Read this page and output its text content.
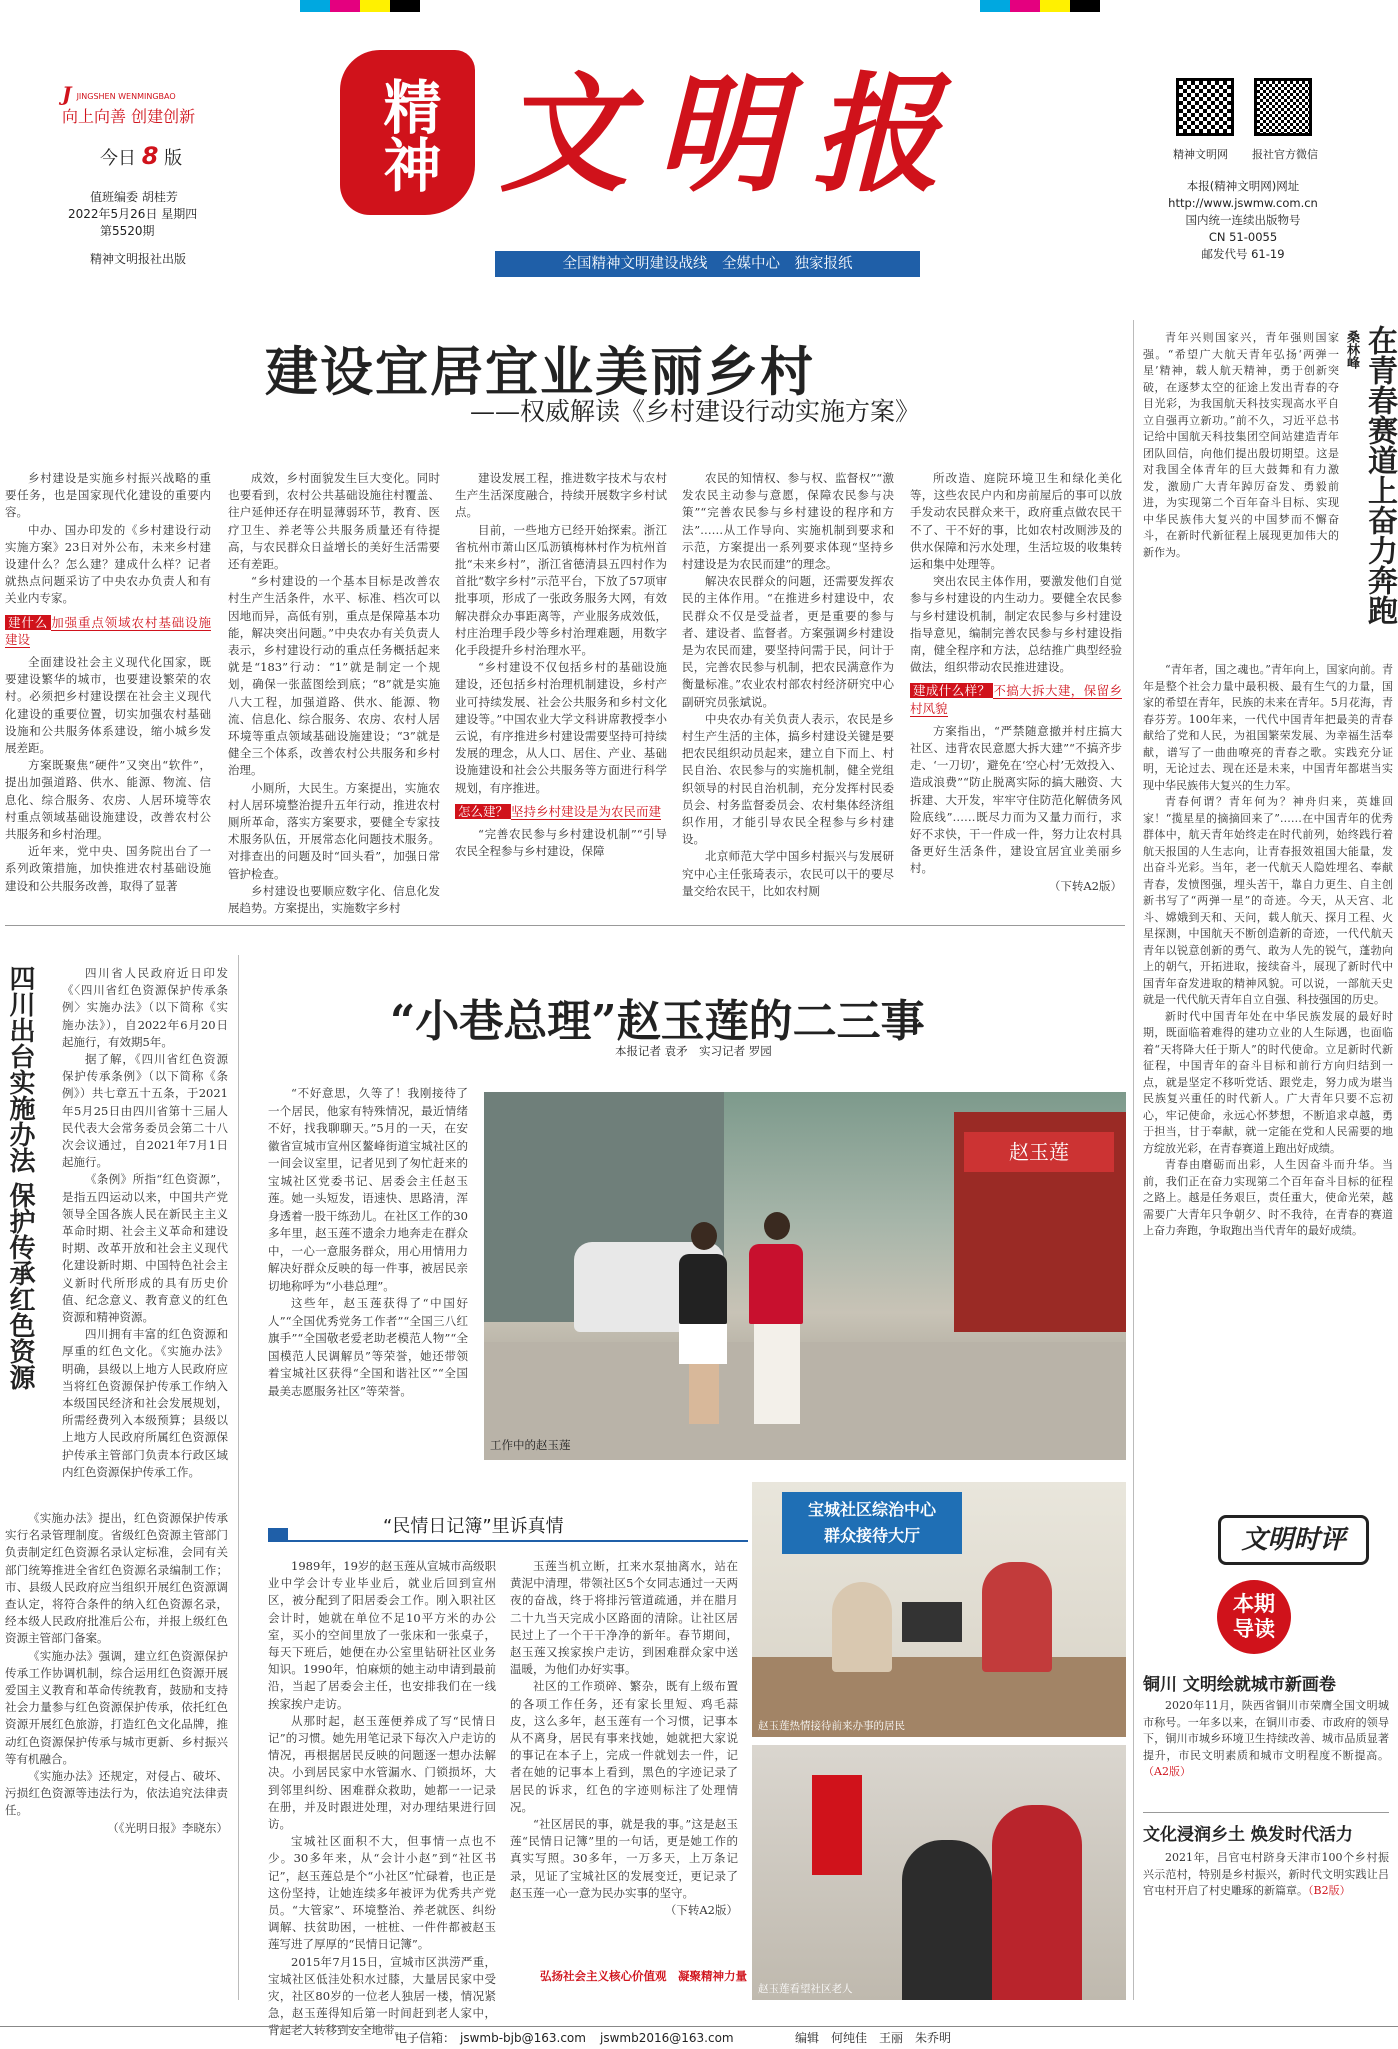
J JINGSHEN WENMINGBAO
向上向善 创建创新
今日 8 版
值班编委 胡桂芳
2022年5月26日 星期四
第5520期
精神文明报社出版
精神 文明报
全国精神文明建设战线　全媒中心　独家报纸
精神文明网 报社官方微信
本报(精神文明网)网址
http://www.jswmw.com.cn
国内统一连续出版物号
CN 51-0055
邮发代号 61-19
建设宜居宜业美丽乡村
——权威解读《乡村建设行动实施方案》

乡村建设是实施乡村振兴战略的重要任务，也是国家现代化建设的重要内容。

中办、国办印发的《乡村建设行动实施方案》23日对外公布，未来乡村建设建什么？怎么建？建成什么样？记者就热点问题采访了中央农办负责人和有关业内专家。

建什么 加强重点领域农村基础设施建设

全面建设社会主义现代化国家，既要建设繁华的城市，也要建设繁荣的农村。必须把乡村建设摆在社会主义现代化建设的重要位置，切实加强农村基础设施和公共服务体系建设，缩小城乡发展差距。

方案既聚焦“硬件”又突出“软件”，提出加强道路、供水、能源、物流、信息化、综合服务、农房、人居环境等农村重点领域基础设施建设，改善农村公共服务和乡村治理。

近年来，党中央、国务院出台了一系列政策措施，加快推进农村基础设施建设和公共服务改善，取得了显著

成效，乡村面貌发生巨大变化。同时也要看到，农村公共基础设施往村覆盖、往户延伸还存在明显薄弱环节，教育、医疗卫生、养老等公共服务质量还有待提高，与农民群众日益增长的美好生活需要还有差距。

“乡村建设的一个基本目标是改善农村生产生活条件，水平、标准、档次可以因地而异，高低有别，重点是保障基本功能，解决突出问题。”中央农办有关负责人表示，乡村建设行动的重点任务概括起来就是“183”行动：“1”就是制定一个规划，确保一张蓝图绘到底；“8”就是实施八大工程，加强道路、供水、能源、物流、信息化、综合服务、农房、农村人居环境等重点领域基础设施建设；“3”就是健全三个体系，改善农村公共服务和乡村治理。

小厕所，大民生。方案提出，实施农村人居环境整治提升五年行动，推进农村厕所革命，落实方案要求，要健全专家技术服务队伍，开展常态化问题技术服务。对排查出的问题及时“回头看”，加强日常管护检查。

乡村建设也要顺应数字化、信息化发展趋势。方案提出，实施数字乡村

建设发展工程，推进数字技术与农村生产生活深度融合，持续开展数字乡村试点。

目前，一些地方已经开始探索。浙江省杭州市萧山区瓜沥镇梅林村作为杭州首批“未来乡村”，浙江省德清县五四村作为首批“数字乡村”示范平台，下放了57项审批事项，形成了一张政务服务大网，有效解决群众办事距离等，产业服务成效低，村庄治理手段少等乡村治理难题，用数字化手段提升乡村治理水平。

“乡村建设不仅包括乡村的基础设施建设，还包括乡村治理机制建设，乡村产业可持续发展、社会公共服务和乡村文化建设等。”中国农业大学文科讲席教授李小云说，有序推进乡村建设需要坚持可持续发展的理念，从人口、居住、产业、基础设施建设和社会公共服务等方面进行科学规划，有序推进。

怎么建？ 坚持乡村建设是为农民而建

“完善农民参与乡村建设机制”“引导农民全程参与乡村建设，保障

农民的知情权、参与权、监督权”“激发农民主动参与意愿，保障农民参与决策”“完善农民参与乡村建设的程序和方法”……从工作导向、实施机制到要求和示范，方案提出一系列要求体现“坚持乡村建设是为农民而建”的理念。

解决农民群众的问题，还需要发挥农民的主体作用。“在推进乡村建设中，农民群众不仅是受益者，更是重要的参与者、建设者、监督者。方案强调乡村建设是为农民而建，要坚持问需于民，问计于民，完善农民参与机制，把农民满意作为衡量标准。”农业农村部农村经济研究中心副研究员张斌说。

中央农办有关负责人表示，农民是乡村生产生活的主体，搞乡村建设关键是要把农民组织动员起来，建立自下而上、村民自治、农民参与的实施机制，健全党组织领导的村民自治机制，充分发挥村民委员会、村务监督委员会、农村集体经济组织作用，才能引导农民全程参与乡村建设。

北京师范大学中国乡村振兴与发展研究中心主任张琦表示，农民可以干的要尽量交给农民干，比如农村厕

所改造、庭院环境卫生和绿化美化等，这些农民户内和房前屋后的事可以放手发动农民群众来干，政府重点做农民干不了、干不好的事，比如农村改厕涉及的供水保障和污水处理，生活垃圾的收集转运和集中处理等。

突出农民主体作用，要激发他们自觉参与乡村建设的内生动力。要健全农民参与乡村建设机制，制定农民参与乡村建设指导意见，编制完善农民参与乡村建设指南，健全程序和方法，总结推广典型经验做法，组织带动农民推进建设。

建成什么样？ 不搞大拆大建，保留乡村风貌

方案指出，“严禁随意撤并村庄搞大社区、违背农民意愿大拆大建”“不搞齐步走、‘一刀切’，避免在‘空心村’无效投入、造成浪费”“防止脱离实际的搞大融资、大拆建、大开发，牢牢守住防范化解债务风险底线”……既尽力而为又量力而行，求好不求快，干一件成一件，努力让农村具备更好生活条件，建设宜居宜业美丽乡村。

（下转A2版）
在青春赛道上奋力奔跑
桑林峰

青年兴则国家兴，青年强则国家强。“希望广大航天青年弘扬‘两弹一星’精神，载人航天精神，勇于创新突破，在逐梦太空的征途上发出青春的夺目光彩，为我国航天科技实现高水平自立自强再立新功。”前不久，习近平总书记给中国航天科技集团空间站建造青年团队回信，向他们提出殷切期望。这是对我国全体青年的巨大鼓舞和有力激发，激励广大青年踔厉奋发、勇毅前进，为实现第二个百年奋斗目标、实现中华民族伟大复兴的中国梦而不懈奋斗，在新时代新征程上展现更加伟大的新作为。

“青年者，国之魂也。”青年向上，国家向前。青年是整个社会力量中最积极、最有生气的力量，国家的希望在青年，民族的未来在青年。5月花海，青春芬芳。100年来，一代代中国青年把最美的青春献给了党和人民，为祖国繁荣发展、为幸福生活奉献，谱写了一曲曲嘹亮的青春之歌。实践充分证明，无论过去、现在还是未来，中国青年都堪当实现中华民族伟大复兴的生力军。

青春何谓？青年何为？神舟归来，英雄回家！“揽星星的摘摘回来了”……在中国青年的优秀群体中，航天青年始终走在时代前列，始终践行着航天报国的人生志向，让青春报效祖国大能量，发出奋斗光彩。当年，老一代航天人隐姓埋名、奉献青春，发愤图强，埋头苦干，靠自力更生、自主创新书写了“两弹一星”的奇迹。今天，从天宫、北斗、嫦娥到天和、天问，载人航天、探月工程、火星探测，中国航天不断创造新的奇迹，一代代航天青年以锐意创新的勇气、敢为人先的锐气，蓬勃向上的朝气，开拓进取，接续奋斗，展现了新时代中国青年奋发进取的精神风貌。可以说，一部航天史就是一代代航天青年自立自强、科技强国的历史。

新时代中国青年处在中华民族发展的最好时期，既面临着难得的建功立业的人生际遇，也面临着“天将降大任于斯人”的时代使命。立足新时代新征程，中国青年的奋斗目标和前行方向归结到一点，就是坚定不移听党话、跟党走，努力成为堪当民族复兴重任的时代新人。广大青年只要不忘初心，牢记使命，永远心怀梦想，不断追求卓越，勇于担当，甘于奉献，就一定能在党和人民需要的地方绽放光彩，在青春赛道上跑出好成绩。

青春由磨砺而出彩，人生因奋斗而升华。当前，我们正在奋力实现第二个百年奋斗目标的征程之路上。越是任务艰巨，责任重大，使命光荣，越需要广大青年只争朝夕、时不我待，在青春的赛道上奋力奔跑，争取跑出当代青年的最好成绩。

文明时评
本期导读
铜川 文明绘就城市新画卷

2020年11月，陕西省铜川市荣膺全国文明城市称号。一年多以来，在铜川市委、市政府的领导下，铜川市城乡环境卫生持续改善、城市品质显著提升，市民文明素质和城市文明程度不断提高。（A2版）

文化浸润乡土 焕发时代活力

2021年，吕官屯村跻身天津市100个乡村振兴示范村，特别是乡村振兴，新时代文明实践让吕官屯村开启了村史雕琢的新篇章。（B2版）

四川出台实施办法 保护传承红色资源	四川省人民政府近日印发《〈四川省红色资源保护传承条例〉实施办法》（以下简称《实施办法》），自2022年6月20日起施行，有效期5年。

据了解，《四川省红色资源保护传承条例》（以下简称《条例》）共七章五十五条，于2021年5月25日由四川省第十三届人民代表大会常务委员会第二十八次会议通过，自2021年7月1日起施行。

《条例》所指“红色资源”，是指五四运动以来，中国共产党领导全国各族人民在新民主主义革命时期、社会主义革命和建设时期、改革开放和社会主义现代化建设新时期、中国特色社会主义新时代所形成的具有历史价值、纪念意义、教育意义的红色资源和精神资源。

四川拥有丰富的红色资源和厚重的红色文化。《实施办法》明确，县级以上地方人民政府应当将红色资源保护传承工作纳入本级国民经济和社会发展规划，所需经费列入本级预算；县级以上地方人民政府所属红色资源保护传承主管部门负责本行政区域内红色资源保护传承工作。

《实施办法》提出，红色资源保护传承实行名录管理制度。省级红色资源主管部门负责制定红色资源名录认定标准，会同有关部门统筹推进全省红色资源名录编制工作；市、县级人民政府应当组织开展红色资源调查认定，将符合条件的纳入红色资源名录，经本级人民政府批准后公布，并报上级红色资源主管部门备案。

《实施办法》强调，建立红色资源保护传承工作协调机制，综合运用红色资源开展爱国主义教育和革命传统教育，鼓励和支持社会力量参与红色资源保护传承，依托红色资源开展红色旅游，打造红色文化品牌，推动红色资源保护传承与城市更新、乡村振兴等有机融合。

《实施办法》还规定，对侵占、破坏、污损红色资源等违法行为，依法追究法律责任。

（《光明日报》李晓东）
“小巷总理”赵玉莲的二三事
本报记者 袁矛　实习记者 罗园

“不好意思，久等了！我刚接待了一个居民，他家有特殊情况，最近情绪不好，找我聊聊天。”5月的一天，在安徽省宣城市宣州区鳌峰街道宝城社区的一间会议室里，记者见到了匆忙赶来的宝城社区党委书记、居委会主任赵玉莲。她一头短发，语速快、思路清，浑身透着一股干练劲儿。在社区工作的30多年里，赵玉莲不遗余力地奔走在群众中，一心一意服务群众，用心用情用力解决好群众反映的每一件事，被居民亲切地称呼为“小巷总理”。

这些年，赵玉莲获得了“中国好人”“全国优秀党务工作者”“全国三八红旗手”“全国敬老爱老助老模范人物”“全国模范人民调解员”等荣誉，她还带领着宝城社区获得“全国和谐社区”“全国最美志愿服务社区”等荣誉。

赵玉莲
工作中的赵玉莲
“民情日记簿”里诉真情

1989年，19岁的赵玉莲从宣城市高级职业中学会计专业毕业后，就业后回到宣州区，被分配到了阳居委会工作。刚入职社区会计时，她就在单位不足10平方米的办公室，买小的空间里放了一张床和一张桌子，每天下班后，她便在办公室里钻研社区业务知识。1990年，怕麻烦的她主动申请到最前沿，当起了居委会主任，也安排我们在一线挨家挨户走访。

从那时起，赵玉莲便养成了写“民情日记”的习惯。她先用笔记录下每次入户走访的情况，再根据居民反映的问题逐一想办法解决。小到居民家中水管漏水、门锁损坏，大到邻里纠纷、困难群众救助，她都一一记录在册，并及时跟进处理，对办理结果进行回访。

宝城社区面积不大，但事情一点也不少。30多年来，从“会计小赵”到“社区书记”，赵玉莲总是个“小社区”忙碌着，也正是这份坚持，让她连续多年被评为优秀共产党员。“大管家”、环境整治、养老就医、纠纷调解、扶贫助困，一桩桩、一件件都被赵玉莲写进了厚厚的“民情日记簿”。

2015年7月15日，宣城市区洪涝严重，宝城社区低洼处积水过膝，大量居民家中受灾，社区80岁的一位老人独居一楼，情况紧急，赵玉莲得知后第一时间赶到老人家中，背起老人转移到安全地带。

玉莲当机立断，扛来水泵抽离水，站在黄泥中清理，带领社区5个女同志通过一天两夜的奋战，终于将排污管道疏通，并在腊月二十九当天完成小区路面的清除。让社区居民过上了一个干干净净的新年。春节期间，赵玉莲又挨家挨户走访，到困难群众家中送温暖，为他们办好实事。

社区的工作琐碎、繁杂，既有上级布置的各项工作任务，还有家长里短、鸡毛蒜皮，这么多年，赵玉莲有一个习惯，记事本从不离身，居民有事来找她，她就把大家说的事记在本子上，完成一件就划去一件，记者在她的记事本上看到，黑色的字迹记录了居民的诉求，红色的字迹则标注了处理情况。

“社区居民的事，就是我的事。”这是赵玉莲“民情日记簿”里的一句话，更是她工作的真实写照。30多年，一万多天，上万条记录，见证了宝城社区的发展变迁，更记录了赵玉莲一心一意为民办实事的坚守。

（下转A2版）
弘扬社会主义核心价值观　 凝聚精神力量
宝城社区综治中心
群众接待大厅
赵玉莲热情接待前来办事的居民
赵玉莲看望社区老人
电子信箱： jswmb-bjb@163.com jswmb2016@163.com	编辑　何纯佳　王丽　朱乔明
